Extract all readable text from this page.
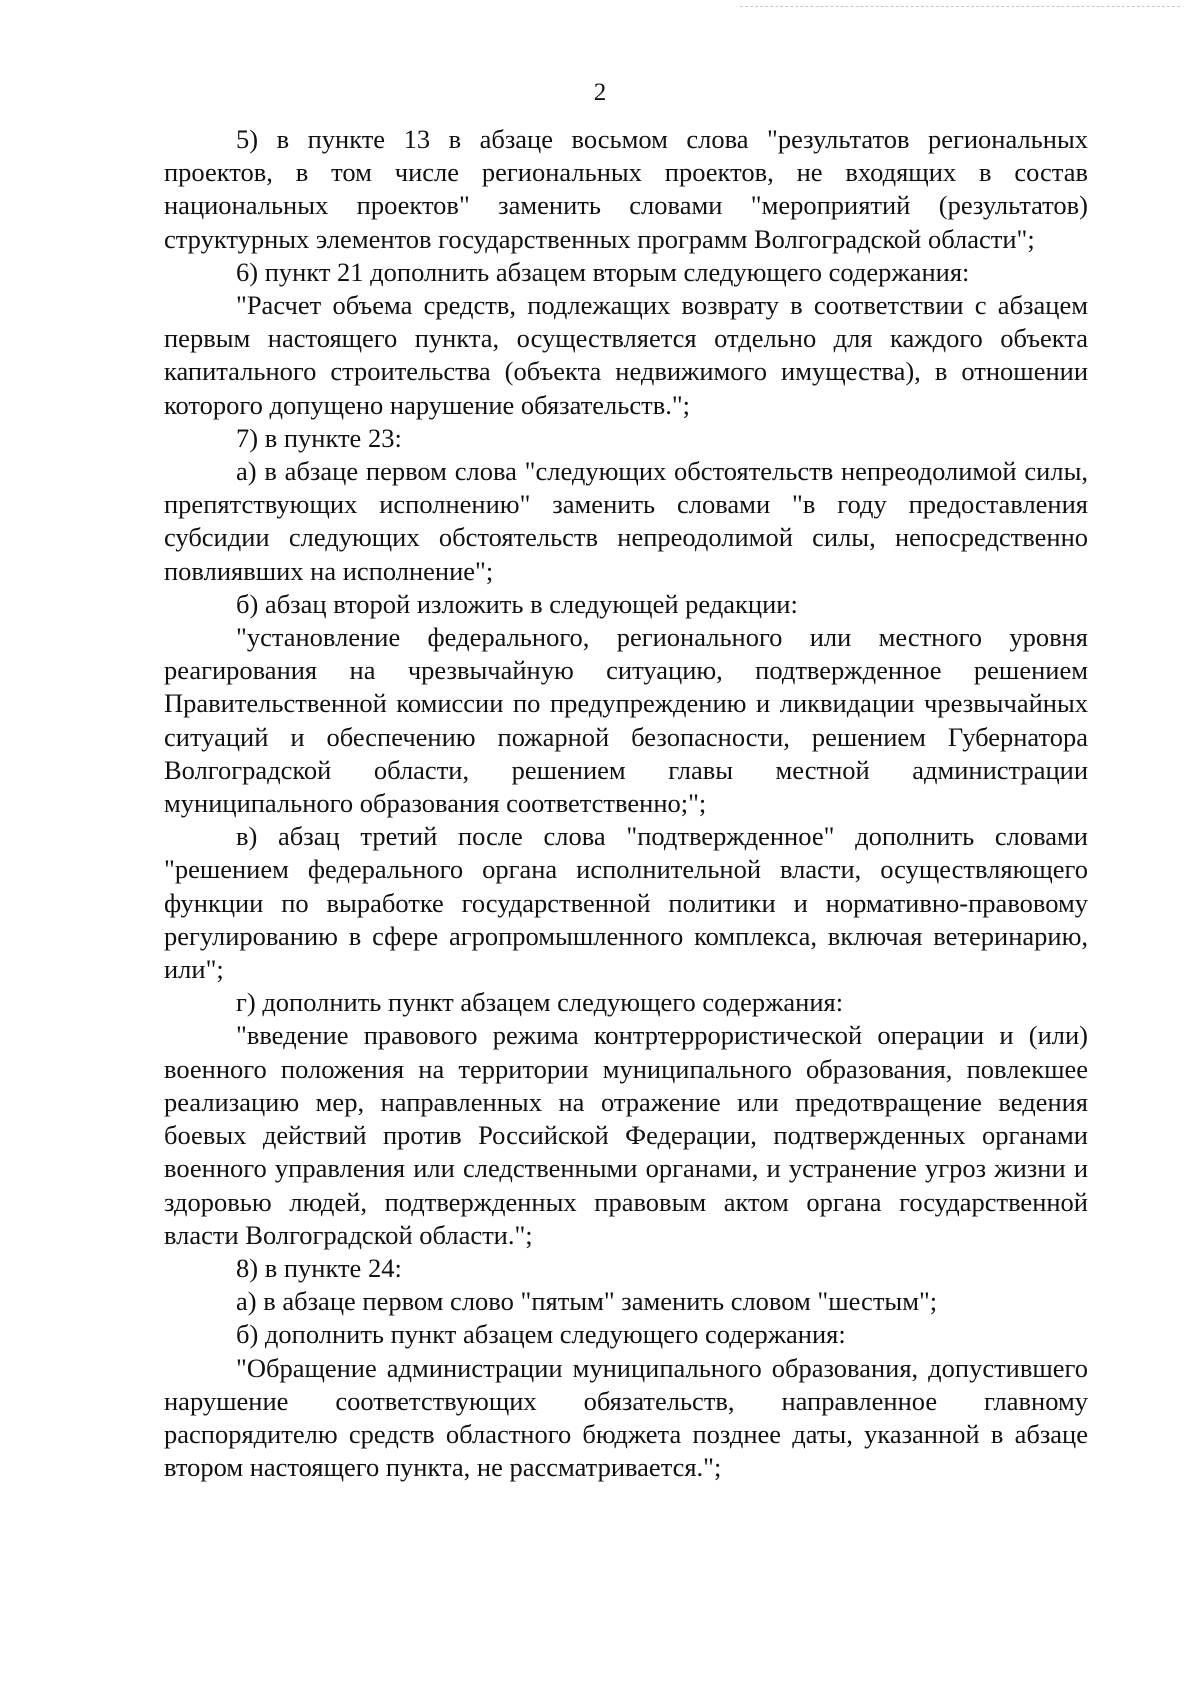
2

5) в пункте 13 в абзаце восьмом слова "результатов региональных проектов, в том числе региональных проектов, не входящих в состав национальных проектов" заменить словами "мероприятий (результатов) структурных элементов государственных программ Волгоградской области";

6) пункт 21 дополнить абзацем вторым следующего содержания:

"Расчет объема средств, подлежащих возврату в соответствии с абзацем первым настоящего пункта, осуществляется отдельно для каждого объекта капитального строительства (объекта недвижимого имущества), в отношении которого допущено нарушение обязательств.";

7) в пункте 23:

а) в абзаце первом слова "следующих обстоятельств непреодолимой силы, препятствующих исполнению" заменить словами "в году предоставления субсидии следующих обстоятельств непреодолимой силы, непосредственно повлиявших на исполнение";

б) абзац второй изложить в следующей редакции:

"установление федерального, регионального или местного уровня реагирования на чрезвычайную ситуацию, подтвержденное решением Правительственной комиссии по предупреждению и ликвидации чрезвычайных ситуаций и обеспечению пожарной безопасности, решением Губернатора Волгоградской области, решением главы местной администрации муниципального образования соответственно;";

в) абзац третий после слова "подтвержденное" дополнить словами "решением федерального органа исполнительной власти, осуществляющего функции по выработке государственной политики и нормативно-правовому регулированию в сфере агропромышленного комплекса, включая ветеринарию, или";

г) дополнить пункт абзацем следующего содержания:

"введение правового режима контртеррористической операции и (или) военного положения на территории муниципального образования, повлекшее реализацию мер, направленных на отражение или предотвращение ведения боевых действий против Российской Федерации, подтвержденных органами военного управления или следственными органами, и устранение угроз жизни и здоровью людей, подтвержденных правовым актом органа государственной власти Волгоградской области.";

8) в пункте 24:

а) в абзаце первом слово "пятым" заменить словом "шестым";

б) дополнить пункт абзацем следующего содержания:

"Обращение администрации муниципального образования, допустившего нарушение соответствующих обязательств, направленное главному распорядителю средств областного бюджета позднее даты, указанной в абзаце втором настоящего пункта, не рассматривается.";
